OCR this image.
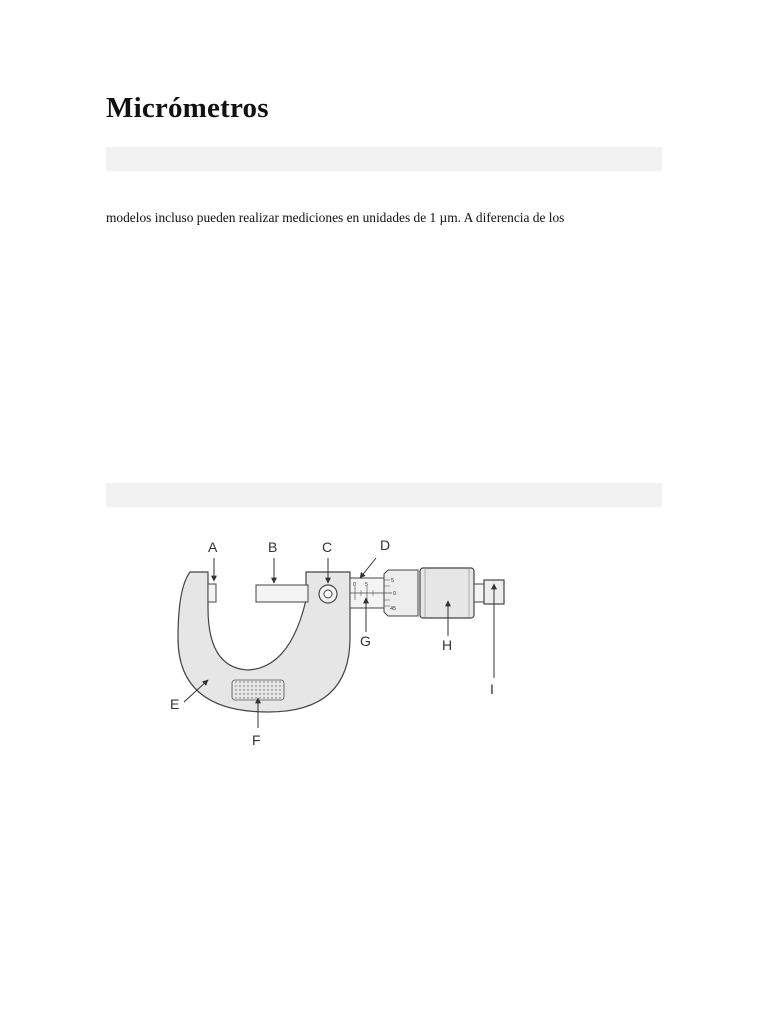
Micrómetros

modelos incluso pueden realizar mediciones en unidades de 1 µm. A diferencia de los

0 5
5
0
45
A	B	C	D
E
F
G	H
I
